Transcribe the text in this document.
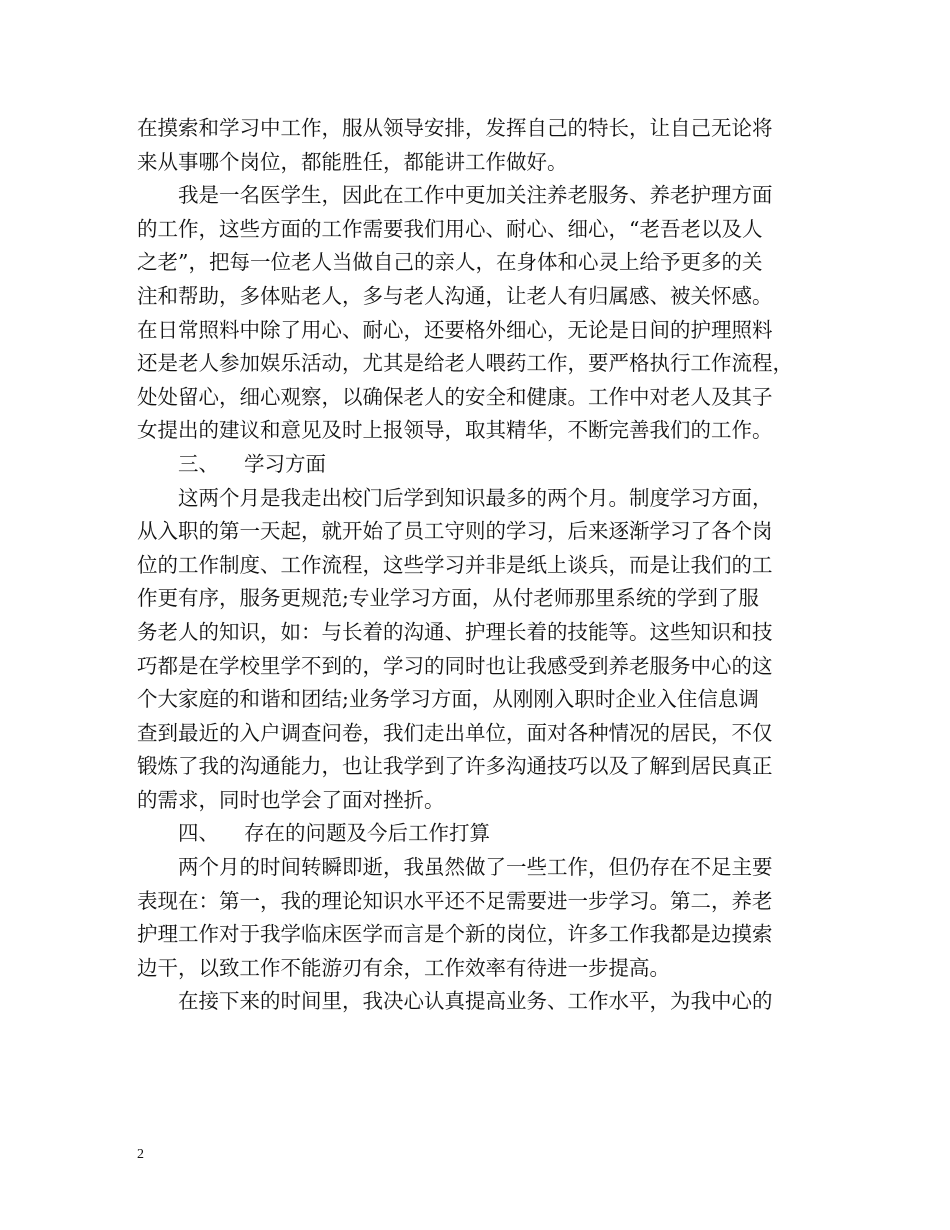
在摸索和学习中工作，服从领导安排，发挥自己的特长，让自己无论将
来从事哪个岗位，都能胜任，都能讲工作做好。
　　我是一名医学生，因此在工作中更加关注养老服务、养老护理方面
的工作，这些方面的工作需要我们用心、耐心、细心，“老吾老以及人
之老”，把每一位老人当做自己的亲人，在身体和心灵上给予更多的关
注和帮助，多体贴老人，多与老人沟通，让老人有归属感、被关怀感。
在日常照料中除了用心、耐心，还要格外细心，无论是日间的护理照料
还是老人参加娱乐活动，尤其是给老人喂药工作，要严格执行工作流程，
处处留心，细心观察，以确保老人的安全和健康。工作中对老人及其子
女提出的建议和意见及时上报领导，取其精华，不断完善我们的工作。
三、 学习方面
　　这两个月是我走出校门后学到知识最多的两个月。制度学习方面，
从入职的第一天起，就开始了员工守则的学习，后来逐渐学习了各个岗
位的工作制度、工作流程，这些学习并非是纸上谈兵，而是让我们的工
作更有序，服务更规范;专业学习方面，从付老师那里系统的学到了服
务老人的知识，如：与长着的沟通、护理长着的技能等。这些知识和技
巧都是在学校里学不到的，学习的同时也让我感受到养老服务中心的这
个大家庭的和谐和团结;业务学习方面，从刚刚入职时企业入住信息调
查到最近的入户调查问卷，我们走出单位，面对各种情况的居民，不仅
锻炼了我的沟通能力，也让我学到了许多沟通技巧以及了解到居民真正
的需求，同时也学会了面对挫折。
四、 存在的问题及今后工作打算
　　两个月的时间转瞬即逝，我虽然做了一些工作，但仍存在不足主要
表现在：第一，我的理论知识水平还不足需要进一步学习。第二，养老
护理工作对于我学临床医学而言是个新的岗位，许多工作我都是边摸索
边干，以致工作不能游刃有余，工作效率有待进一步提高。
　　在接下来的时间里，我决心认真提高业务、工作水平，为我中心的
2
